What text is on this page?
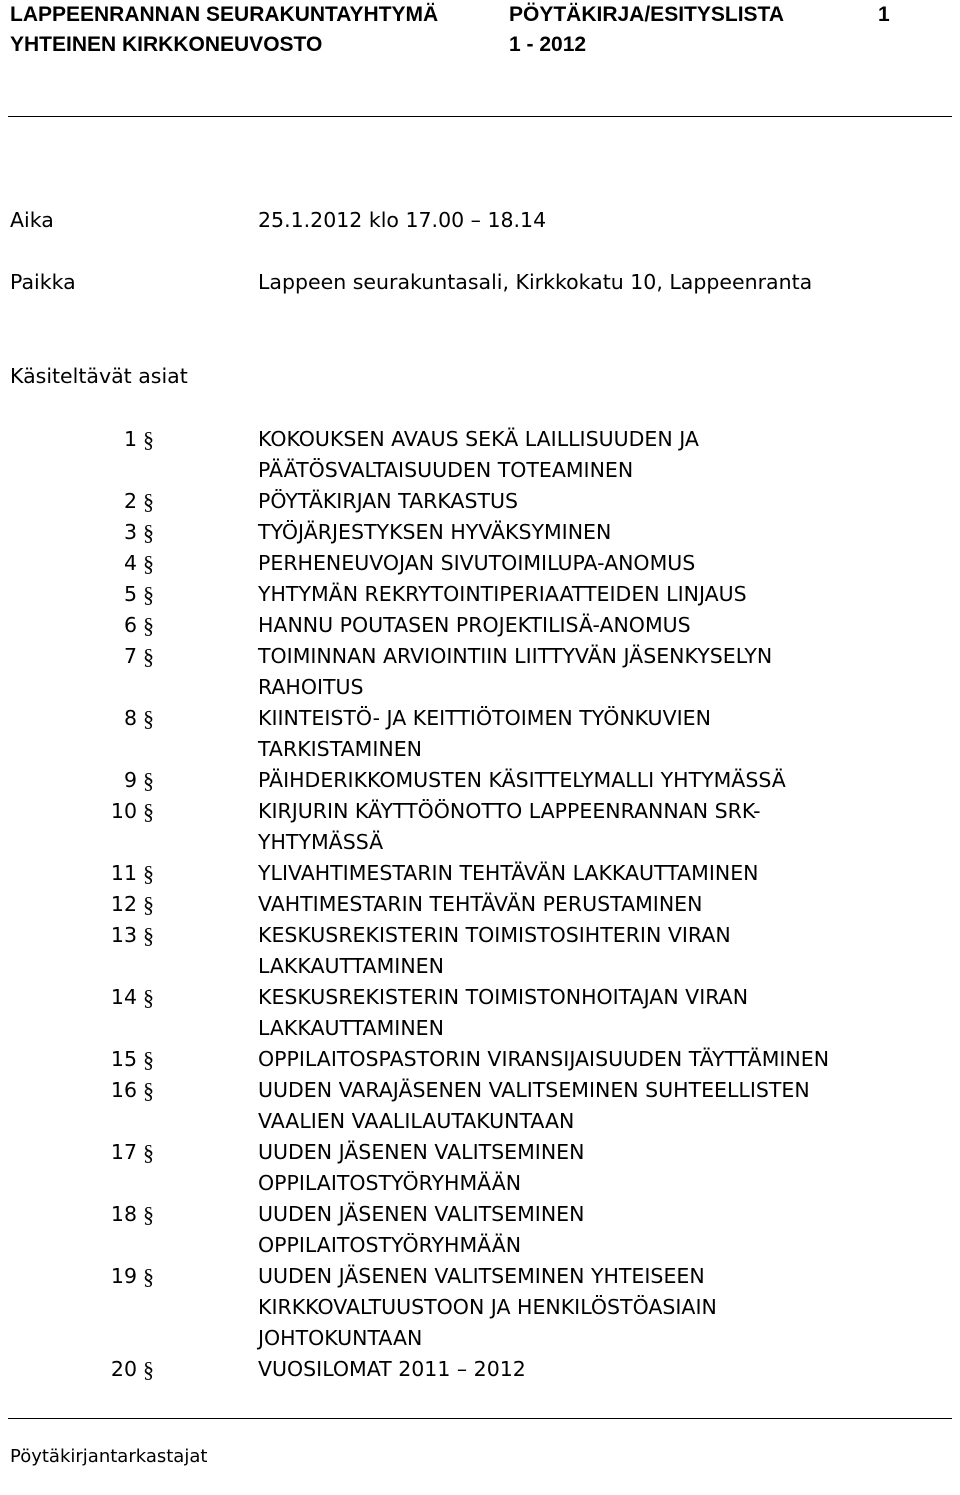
LAPPEENRANNAN SEURAKUNTAYHTYMÄ
YHTEINEN KIRKKONEUVOSTO
PÖYTÄKIRJA/ESITYSLISTA
1 - 2012
1
Aika	25.1.2012 klo 17.00 – 18.14
Paikka	Lappeen seurakuntasali, Kirkkokatu 10, Lappeenranta
Käsiteltävät asiat
1 §	KOKOUKSEN AVAUS SEKÄ LAILLISUUDEN JA
PÄÄTÖSVALTAISUUDEN TOTEAMINEN
2 §	PÖYTÄKIRJAN TARKASTUS
3 §	TYÖJÄRJESTYKSEN HYVÄKSYMINEN
4 §	PERHENEUVOJAN SIVUTOIMILUPA-ANOMUS
5 §	YHTYMÄN REKRYTOINTIPERIAATTEIDEN LINJAUS
6 §	HANNU POUTASEN PROJEKTILISÄ-ANOMUS
7 §	TOIMINNAN ARVIOINTIIN LIITTYVÄN JÄSENKYSELYN
RAHOITUS
8 §	KIINTEISTÖ- JA KEITTIÖTOIMEN TYÖNKUVIEN
TARKISTAMINEN
9 §	PÄIHDERIKKOMUSTEN KÄSITTELYMALLI YHTYMÄSSÄ
10 §	KIRJURIN KÄYTTÖÖNOTTO LAPPEENRANNAN SRK-
YHTYMÄSSÄ
11 §	YLIVAHTIMESTARIN TEHTÄVÄN LAKKAUTTAMINEN
12 §	VAHTIMESTARIN TEHTÄVÄN PERUSTAMINEN
13 §	KESKUSREKISTERIN TOIMISTOSIHTERIN VIRAN
LAKKAUTTAMINEN
14 §	KESKUSREKISTERIN TOIMISTONHOITAJAN VIRAN
LAKKAUTTAMINEN
15 §	OPPILAITOSPASTORIN VIRANSIJAISUUDEN TÄYTTÄMINEN
16 §	UUDEN VARAJÄSENEN VALITSEMINEN SUHTEELLISTEN
VAALIEN VAALILAUTAKUNTAAN
17 §	UUDEN JÄSENEN VALITSEMINEN
OPPILAITOSTYÖRYHMÄÄN
18 §	UUDEN JÄSENEN VALITSEMINEN
OPPILAITOSTYÖRYHMÄÄN
19 §	UUDEN JÄSENEN VALITSEMINEN YHTEISEEN
KIRKKOVALTUUSTOON JA HENKILÖSTÖASIAIN
JOHTOKUNTAAN
20 §	VUOSILOMAT 2011 – 2012
Pöytäkirjantarkastajat
